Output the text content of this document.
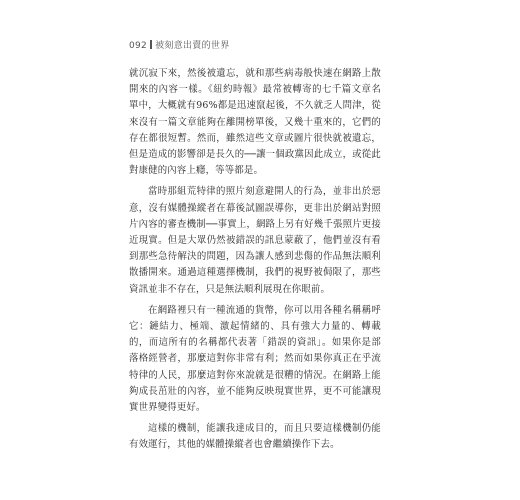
092 被刻意出賣的世界

就沉寂下來，然後被遺忘，就和那些病毒般快速在網路上散開來的內容一樣。《紐約時報》最常被轉寄的七千篇文章名單中，大概就有96%都是迅速竄起後，不久就乏人問津，從來沒有一篇文章能夠在離開榜單後，又幾十重來的，它們的存在都很短暫。然而，雖然這些文章或圖片很快就被遺忘，但是造成的影響卻是長久的──讓一個政黨因此成立，或從此對康健的內容上癮，等等都是。

當時那組荒特律的照片刻意避開人的行為，並非出於惡意，沒有媒體操縱者在幕後試圖誤導你，更非出於網站對照片內容的審查機制──事實上，網路上另有好幾千張照片更接近現實。但是大眾仍然被錯誤的訊息蒙蔽了，他們並沒有看到那些急待解決的問題，因為讓人感到悲傷的作品無法順利散播開來。通過這種選擇機制，我們的視野被侷限了，那些資訊並非不存在，只是無法順利展現在你眼前。

在網路裡只有一種流通的貨幣，你可以用各種名稱稱呼它：鏈結力、極端、激起情緒的、具有強大力量的、轉載的，而這所有的名稱都代表著「錯誤的資訊」。如果你是部落格經營者，那麼這對你非常有利；然而如果你真正在乎流特律的人民，那麼這對你來說就是很糟的情況。在網路上能夠成長茁壯的內容，並不能夠反映現實世界，更不可能讓現實世界變得更好。

這樣的機制，能讓我達成目的，而且只要這樣機制仍能有效運行，其他的媒體操縱者也會繼續操作下去。
